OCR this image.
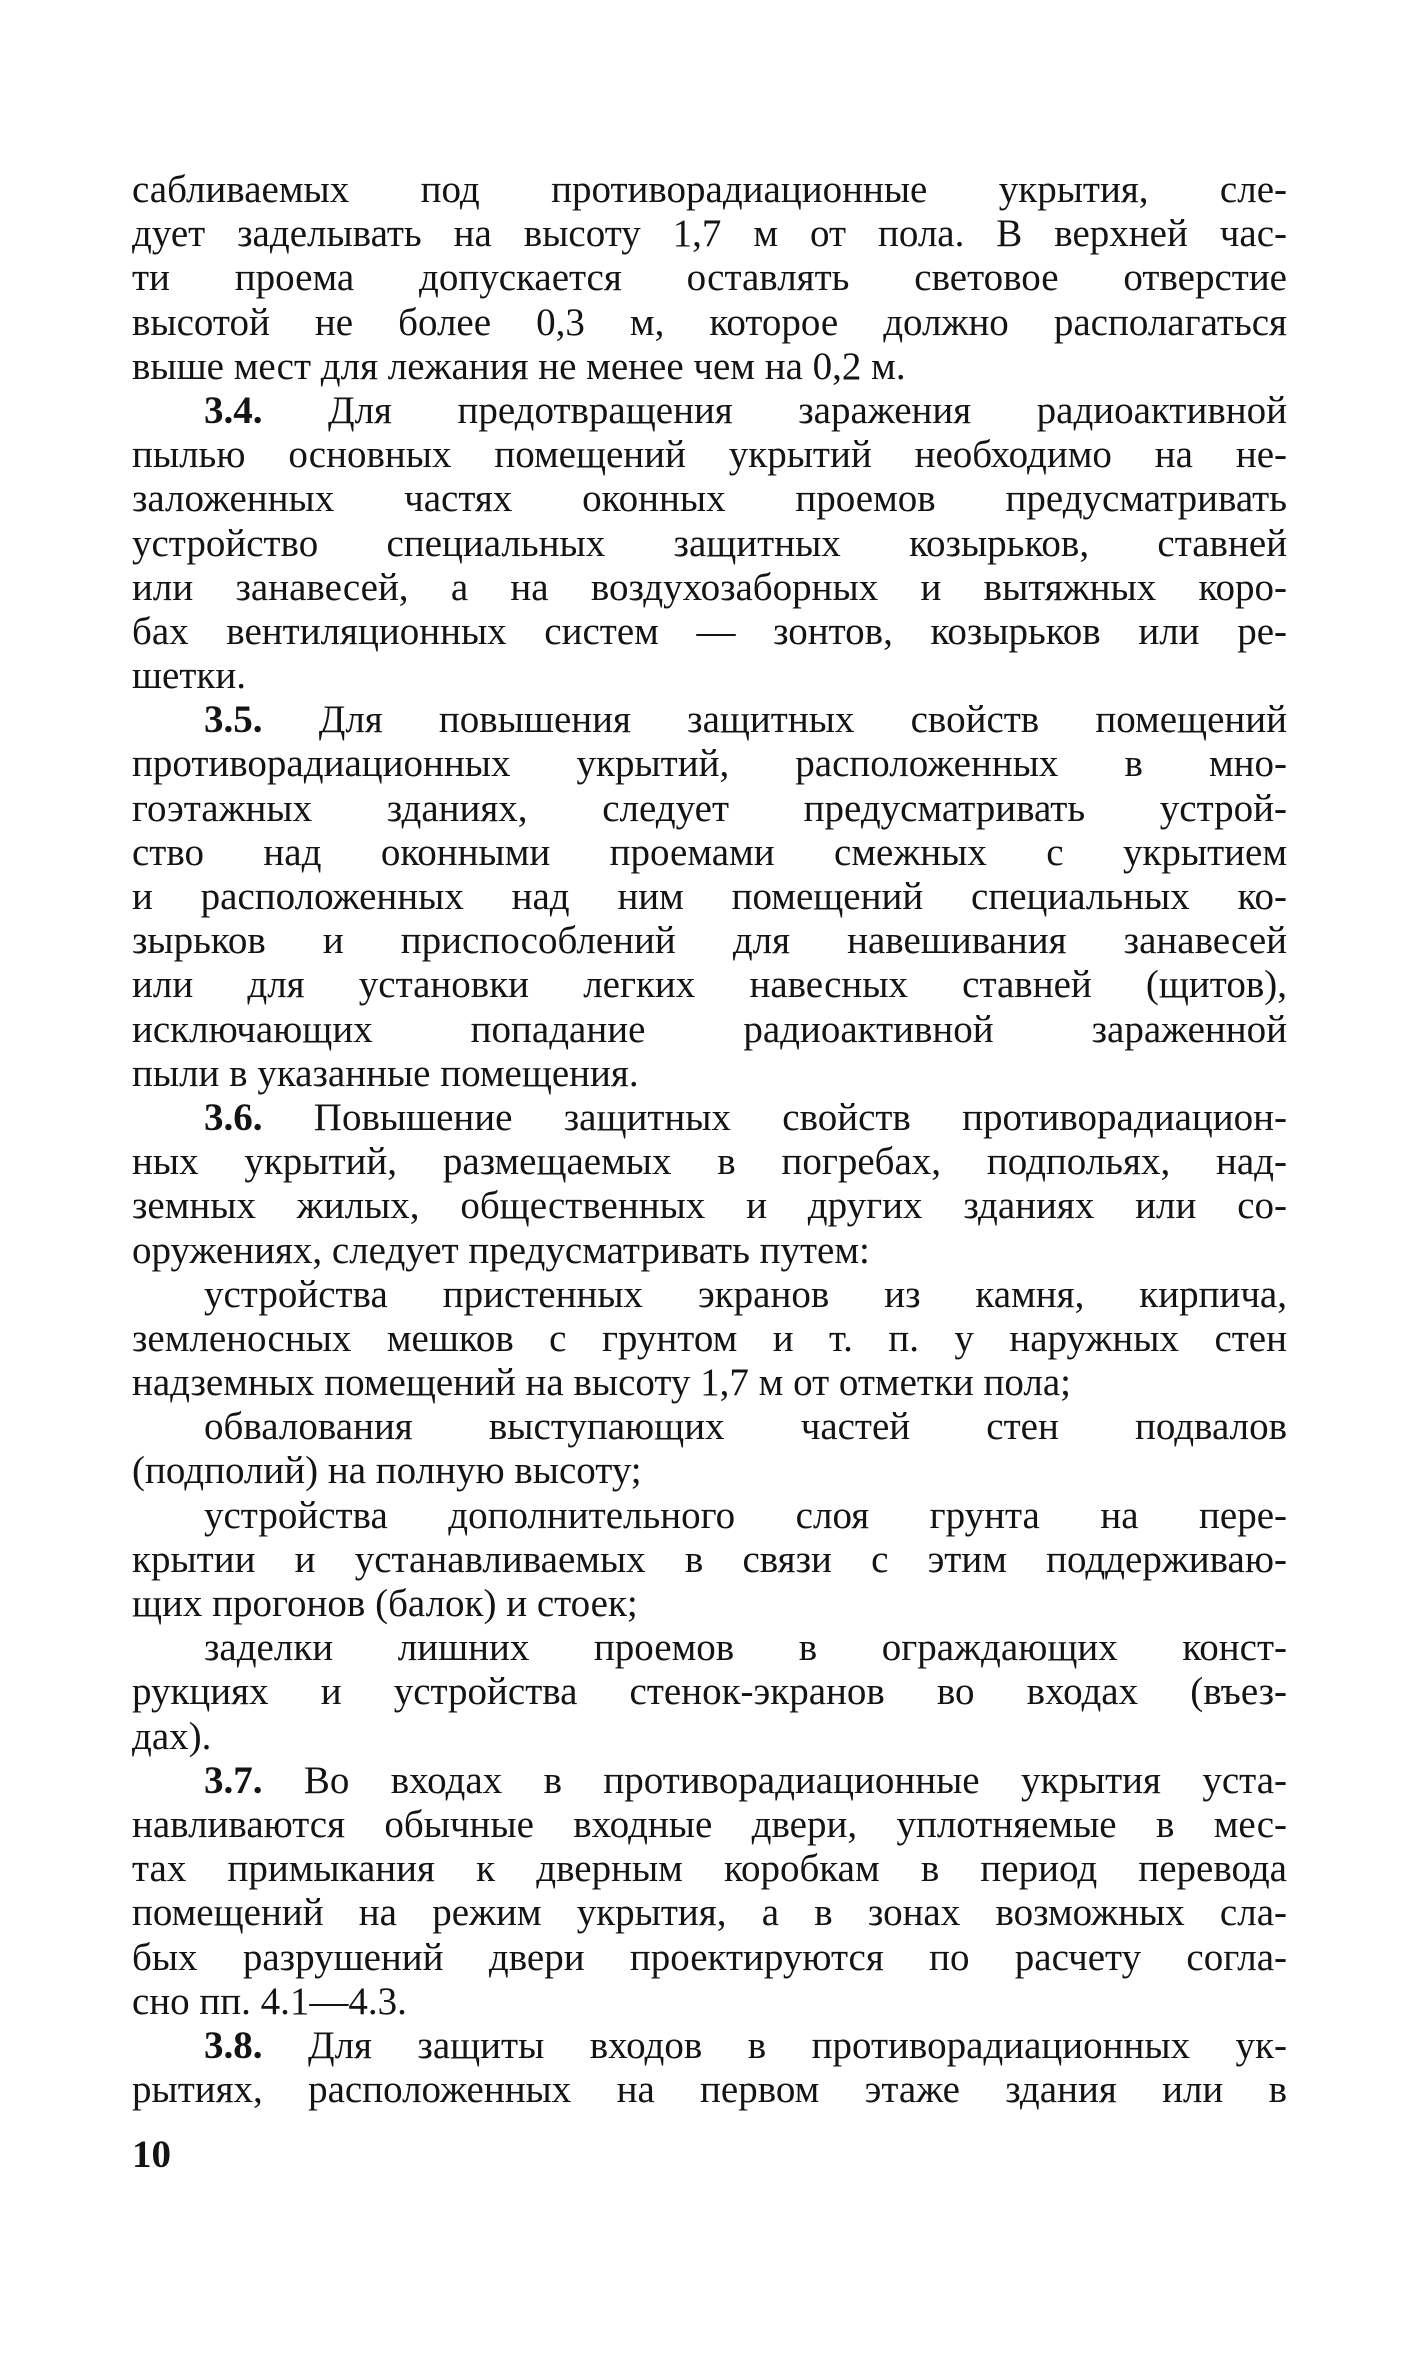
сабливаемых под противорадиационные укрытия, сле-
дует заделывать на высоту 1,7 м от пола. В верхней час-
ти проема допускается оставлять световое отверстие
высотой не более 0,3 м, которое должно располагаться
выше мест для лежания не менее чем на 0,2 м.
3.4. Для предотвращения заражения радиоактивной
пылью основных помещений укрытий необходимо на не-
заложенных частях оконных проемов предусматривать
устройство специальных защитных козырьков, ставней
или занавесей, а на воздухозаборных и вытяжных коро-
бах вентиляционных систем — зонтов, козырьков или ре-
шетки.
3.5. Для повышения защитных свойств помещений
противорадиационных укрытий, расположенных в мно-
гоэтажных зданиях, следует предусматривать устрой-
ство над оконными проемами смежных с укрытием
и расположенных над ним помещений специальных ко-
зырьков и приспособлений для навешивания занавесей
или для установки легких навесных ставней (щитов),
исключающих попадание радиоактивной зараженной
пыли в указанные помещения.
3.6. Повышение защитных свойств противорадиацион-
ных укрытий, размещаемых в погребах, подпольях, над-
земных жилых, общественных и других зданиях или со-
оружениях, следует предусматривать путем:
устройства пристенных экранов из камня, кирпича,
земленосных мешков с грунтом и т. п. у наружных стен
надземных помещений на высоту 1,7 м от отметки пола;
обвалования выступающих частей стен подвалов
(подполий) на полную высоту;
устройства дополнительного слоя грунта на пере-
крытии и устанавливаемых в связи с этим поддерживаю-
щих прогонов (балок) и стоек;
заделки лишних проемов в ограждающих конст-
рукциях и устройства стенок-экранов во входах (въез-
дах).
3.7. Во входах в противорадиационные укрытия уста-
навливаются обычные входные двери, уплотняемые в мес-
тах примыкания к дверным коробкам в период перевода
помещений на режим укрытия, а в зонах возможных сла-
бых разрушений двери проектируются по расчету согла-
сно пп. 4.1—4.3.
3.8. Для защиты входов в противорадиационных ук-
рытиях, расположенных на первом этаже здания или в
10
